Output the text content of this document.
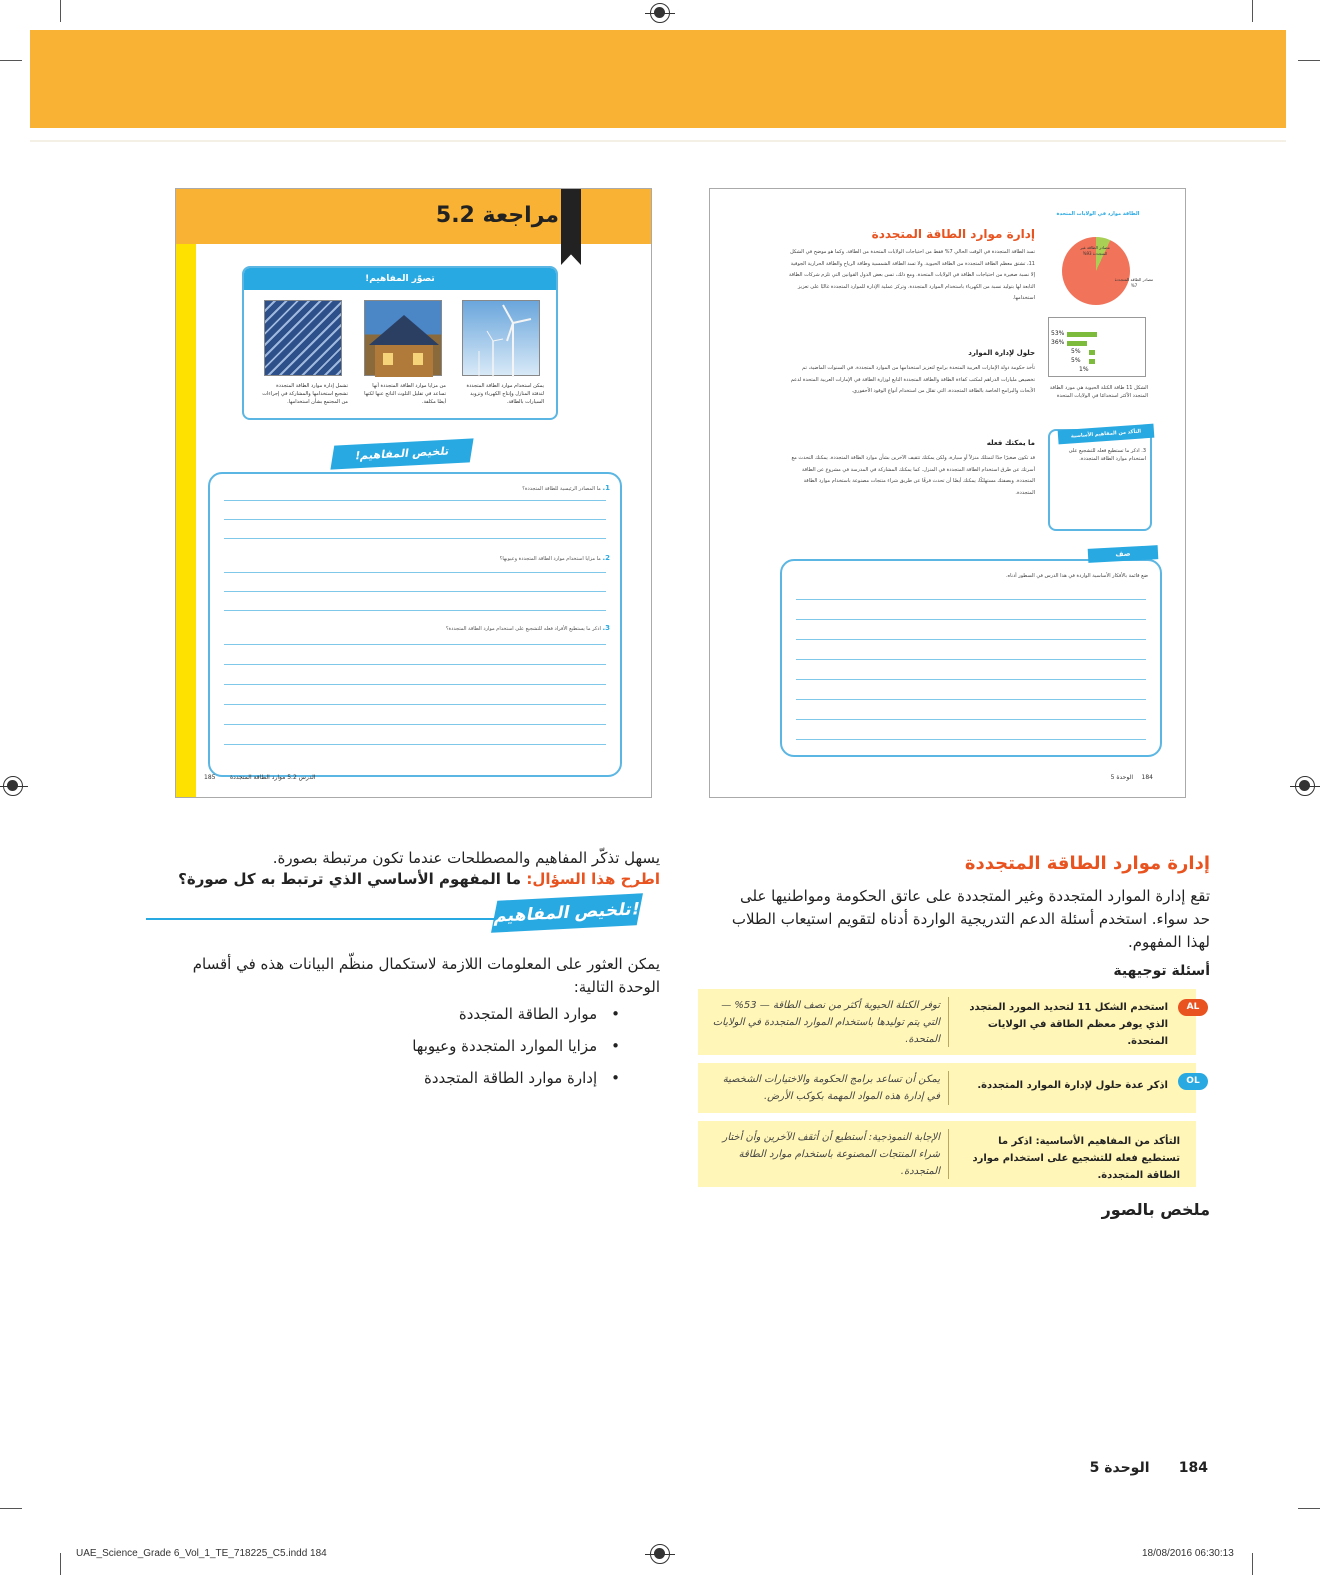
مراجعة 5.2
تصوّر المفاهيم!
يمكن استخدام موارد الطاقة المتجددة لتدفئة المنازل وإنتاج الكهرباء وتزويد السيارات بالطاقة.
من مزايا موارد الطاقة المتجددة أنها تساعد في تقليل التلوث الناتج عنها لكنها أيضًا مكلفة.
تشمل إدارة موارد الطاقة المتجددة تشجيع استخدامها والمشاركة في إجراءات من المجتمع بشأن استخدامها.
تلخيص المفاهيم!
1. ما المصادر الرئيسية للطاقة المتجددة؟
2. ما مزايا استخدام موارد الطاقة المتجددة وعيوبها؟
3. اذكر ما يستطيع الأفراد فعله للتشجيع على استخدام موارد الطاقة المتجددة؟
185 الدرس 5.2 موارد الطاقة المتجددة
الطاقة موارد في الولايات المتحدة
مصادر الطاقة غير المتجددة 93%
مصادر الطاقة المتجددة 7%
53%
36%
5%
5%
1%
الشكل 11 طاقة الكتلة الحيوية هي مورد الطاقة المتجدد الأكثر استخدامًا في الولايات المتحدة
إدارة موارد الطاقة المتجددة
تسد الطاقة المتجددة في الوقت الحالي 7% فقط من احتياجات الولايات المتحدة من الطاقة. وكما هو موضح في الشكل 11، تشتق معظم الطاقة المتجددة من الطاقة الحيوية. ولا تسد الطاقة الشمسية وطاقة الرياح والطاقة الحرارية الجوفية إلا نسبة صغيرة من احتياجات الطاقة في الولايات المتحدة. ومع ذلك، تسن بعض الدول القوانين التي تلزم شركات الطاقة التابعة لها بتوليد نسبة من الكهرباء باستخدام الموارد المتجددة. وتركز عملية الإدارة للموارد المتجددة غالبًا على تعزيز استخدامها.
حلول لإدارة الموارد
تأخذ حكومة دولة الإمارات العربية المتحدة برامج لتعزيز استخدامها من الموارد المتجددة. في السنوات الماضية، تم تخصيص مليارات الدراهم لمكتب كفاءة الطاقة والطاقة المتجددة التابع لوزارة الطاقة في الإمارات العربية المتحدة لدعم الأبحاث والبرامج الخاصة بالطاقة المتجددة، التي تقلل من استخدام أنواع الوقود الأحفوري.
ما يمكنك فعله
قد تكون صغيرًا جدًا لتمتلك منزلاً أو سيارة، ولكن يمكنك تثقيف الآخرين بشأن موارد الطاقة المتجددة. يمكنك التحدث مع أسرتك عن طرق استخدام الطاقة المتجددة في المنزل. كما يمكنك المشاركة في المدرسة في مشروع عن الطاقة المتجددة. وبصفتك مستهلكًا، يمكنك أيضًا أن تحدث فرقًا عن طريق شراء منتجات مصنوعة باستخدام موارد الطاقة المتجددة.
التأكد من المفاهيم الأساسية
3. اذكر ما تستطيع فعله للتشجيع على استخدام موارد الطاقة المتجددة.
ضع قائمة بالأفكار الأساسية الواردة في هذا الدرس في السطور أدناه.
صف
184
الوحدة 5
إدارة موارد الطاقة المتجددة
تقع إدارة الموارد المتجددة وغير المتجددة على عاتق الحكومة ومواطنيها على
حد سواء. استخدم أسئلة الدعم التدريجية الواردة أدناه لتقويم استيعاب الطلاب
لهذا المفهوم.
أسئلة توجيهية
AL
استخدم الشكل 11 لتحديد المورد المتجدد الذي يوفر معظم الطاقة في الولايات المتحدة.
توفر الكتلة الحيوية أكثر من نصف الطاقة — 53% — التي يتم توليدها باستخدام الموارد المتجددة في الولايات المتحدة.
OL
اذكر عدة حلول لإدارة الموارد المتجددة.
يمكن أن تساعد برامج الحكومة والاختيارات الشخصية في إدارة هذه المواد المهمة بكوكب الأرض.
التأكد من المفاهيم الأساسية: اذكر ما تستطيع فعله للتشجيع على استخدام موارد الطاقة المتجددة.
الإجابة النموذجية: أستطيع أن أثقف الآخرين وأن أختار شراء المنتجات المصنوعة باستخدام موارد الطاقة المتجددة.
ملخص بالصور
يسهل تذكّر المفاهيم والمصطلحات عندما تكون مرتبطة بصورة.
اطرح هذا السؤال: ما المفهوم الأساسي الذي ترتبط به كل صورة؟
تلخيص المفاهيم!
يمكن العثور على المعلومات اللازمة لاستكمال منظّم البيانات هذه في أقسام
الوحدة التالية:
• موارد الطاقة المتجددة
• مزايا الموارد المتجددة وعيوبها
• إدارة موارد الطاقة المتجددة
184      الوحدة 5
UAE_Science_Grade 6_Vol_1_TE_718225_C5.indd 184	18/08/2016 06:30:13
